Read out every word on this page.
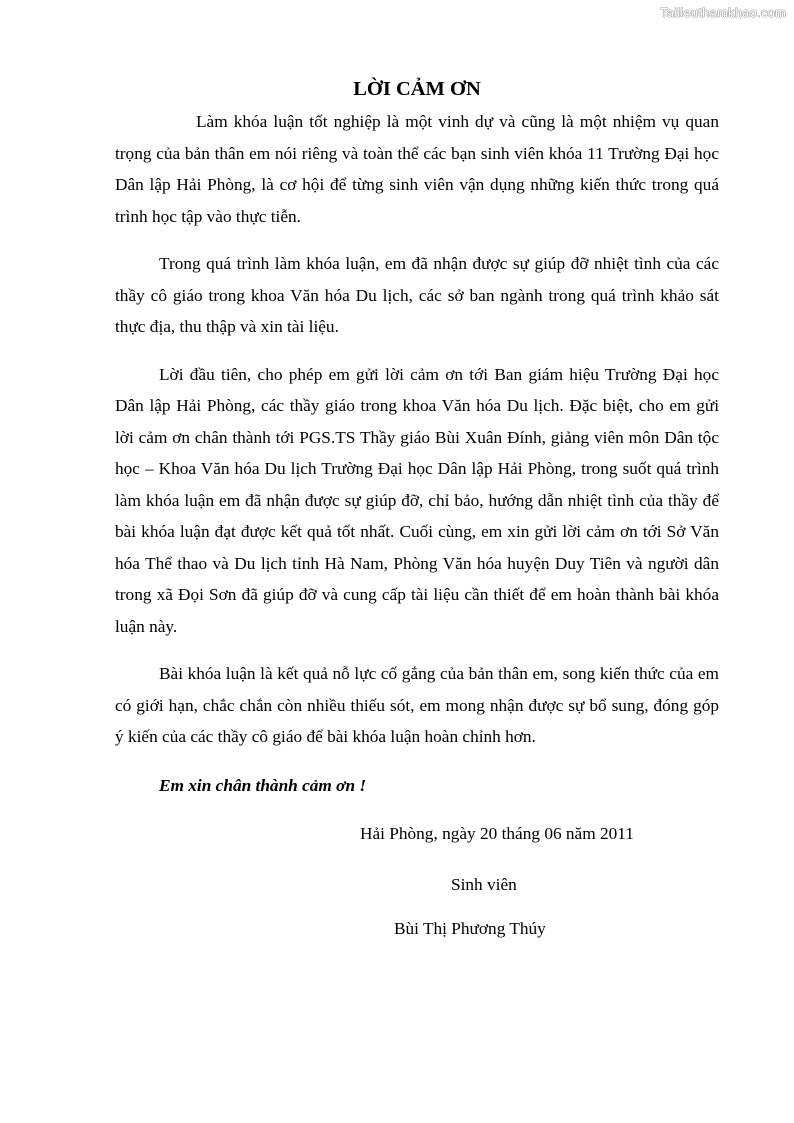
Tailieuthamkhao.com
LỜI CẢM ƠN

Làm khóa luận tốt nghiệp là một vinh dự và cũng là một nhiệm vụ quan trọng của bản thân em nói riêng và toàn thể các bạn sinh viên khóa 11 Trường Đại học Dân lập Hải Phòng, là cơ hội để từng sinh viên vận dụng những kiến thức trong quá trình học tập vào thực tiễn.

Trong quá trình làm khóa luận, em đã nhận được sự giúp đỡ nhiệt tình của các thầy cô giáo trong khoa Văn hóa Du lịch, các sở ban ngành trong quá trình khảo sát thực địa, thu thập và xin tài liệu.

Lời đầu tiên, cho phép em gửi lời cảm ơn tới Ban giám hiệu Trường Đại học Dân lập Hải Phòng, các thầy giáo trong khoa Văn hóa Du lịch. Đặc biệt, cho em gửi lời cảm ơn chân thành tới PGS.TS Thầy giáo Bùi Xuân Đính, giảng viên môn Dân tộc học – Khoa Văn hóa Du lịch Trường Đại học Dân lập Hải Phòng, trong suốt quá trình làm khóa luận em đã nhận được sự giúp đỡ, chỉ bảo, hướng dẫn nhiệt tình của thầy để bài khóa luận đạt được kết quả tốt nhất. Cuối cùng, em xin gửi lời cảm ơn tới Sở Văn hóa Thể thao và Du lịch tỉnh Hà Nam, Phòng Văn hóa huyện Duy Tiên và người dân trong xã Đọi Sơn đã giúp đỡ và cung cấp tài liệu cần thiết để em hoàn thành bài khóa luận này.

Bài khóa luận là kết quả nỗ lực cố gắng của bản thân em, song kiến thức của em có giới hạn, chắc chắn còn nhiều thiếu sót, em mong nhận được sự bổ sung, đóng góp ý kiến của các thầy cô giáo để bài khóa luận hoàn chỉnh hơn.

Em xin chân thành cảm ơn !

Hải Phòng, ngày 20 tháng 06 năm 2011

Sinh viên

Bùi Thị Phương Thúy
